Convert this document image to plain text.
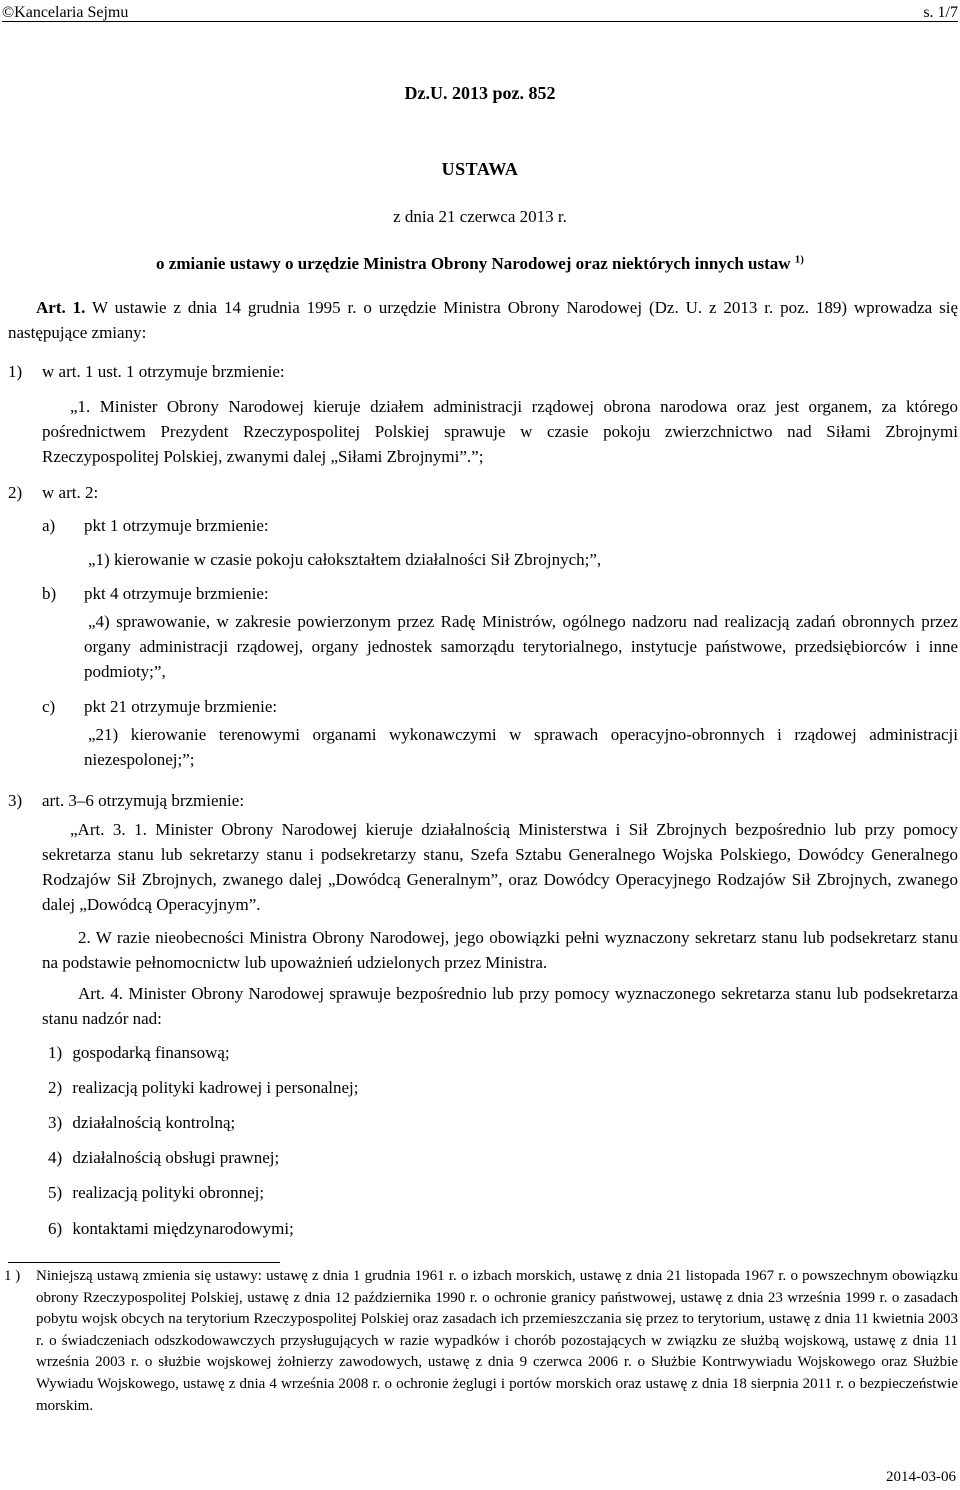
©Kancelaria Sejmu	s. 1/7
Dz.U. 2013 poz. 852
USTAWA
z dnia 21 czerwca 2013 r.
o zmianie ustawy o urzędzie Ministra Obrony Narodowej oraz niektórych innych ustaw $^{1)}$
Art. 1. W ustawie z dnia 14 grudnia 1995 r. o urzędzie Ministra Obrony Narodowej (Dz. U. z 2013 r. poz. 189) wprowadza się następujące zmiany:
1) w art. 1 ust. 1 otrzymuje brzmienie:
„1. Minister Obrony Narodowej kieruje działem administracji rządowej obrona narodowa oraz jest organem, za którego pośrednictwem Prezydent Rzeczypospolitej Polskiej sprawuje w czasie pokoju zwierzchnictwo nad Siłami Zbrojnymi Rzeczypospolitej Polskiej, zwanymi dalej „Siłami Zbrojnymi”.”;
2) w art. 2:
a) pkt 1 otrzymuje brzmienie:
„1) kierowanie w czasie pokoju całokształtem działalności Sił Zbrojnych;”,
b) pkt 4 otrzymuje brzmienie:
„4) sprawowanie, w zakresie powierzonym przez Radę Ministrów, ogólnego nadzoru nad realizacją zadań obronnych przez organy administracji rządowej, organy jednostek samorządu terytorialnego, instytucje państwowe, przedsiębiorców i inne podmioty;”,
c) pkt 21 otrzymuje brzmienie:
„21) kierowanie terenowymi organami wykonawczymi w sprawach operacyjno-obronnych i rządowej administracji niezespolonej;”;
3) art. 3–6 otrzymują brzmienie:
„Art. 3. 1. Minister Obrony Narodowej kieruje działalnością Ministerstwa i Sił Zbrojnych bezpośrednio lub przy pomocy sekretarza stanu lub sekretarzy stanu i podsekretarzy stanu, Szefa Sztabu Generalnego Wojska Polskiego, Dowódcy Generalnego Rodzajów Sił Zbrojnych, zwanego dalej „Dowódcą Generalnym”, oraz Dowódcy Operacyjnego Rodzajów Sił Zbrojnych, zwanego dalej „Dowódcą Operacyjnym”.
2. W razie nieobecności Ministra Obrony Narodowej, jego obowiązki pełni wyznaczony sekretarz stanu lub podsekretarz stanu na podstawie pełnomocnictw lub upoważnień udzielonych przez Ministra.
Art. 4. Minister Obrony Narodowej sprawuje bezpośrednio lub przy pomocy wyznaczonego sekretarza stanu lub podsekretarza stanu nadzór nad:
1) gospodarką finansową;
2) realizacją polityki kadrowej i personalnej;
3) działalnością kontrolną;
4) działalnością obsługi prawnej;
5) realizacją polityki obronnej;
6) kontaktami międzynarodowymi;
1 ) Niniejszą ustawą zmienia się ustawy: ustawę z dnia 1 grudnia 1961 r. o izbach morskich, ustawę z dnia 21 listopada 1967 r. o powszechnym obowiązku obrony Rzeczypospolitej Polskiej, ustawę z dnia 12 października 1990 r. o ochronie granicy państwowej, ustawę z dnia 23 września 1999 r. o zasadach pobytu wojsk obcych na terytorium Rzeczypospolitej Polskiej oraz zasadach ich przemieszczania się przez to terytorium, ustawę z dnia 11 kwietnia 2003 r. o świadczeniach odszkodowawczych przysługujących w razie wypadków i chorób pozostających w związku ze służbą wojskową, ustawę z dnia 11 września 2003 r. o służbie wojskowej żołnierzy zawodowych, ustawę z dnia 9 czerwca 2006 r. o Służbie Kontrwywiadu Wojskowego oraz Służbie Wywiadu Wojskowego, ustawę z dnia 4 września 2008 r. o ochronie żeglugi i portów morskich oraz ustawę z dnia 18 sierpnia 2011 r. o bezpieczeństwie morskim.
2014-03-06
